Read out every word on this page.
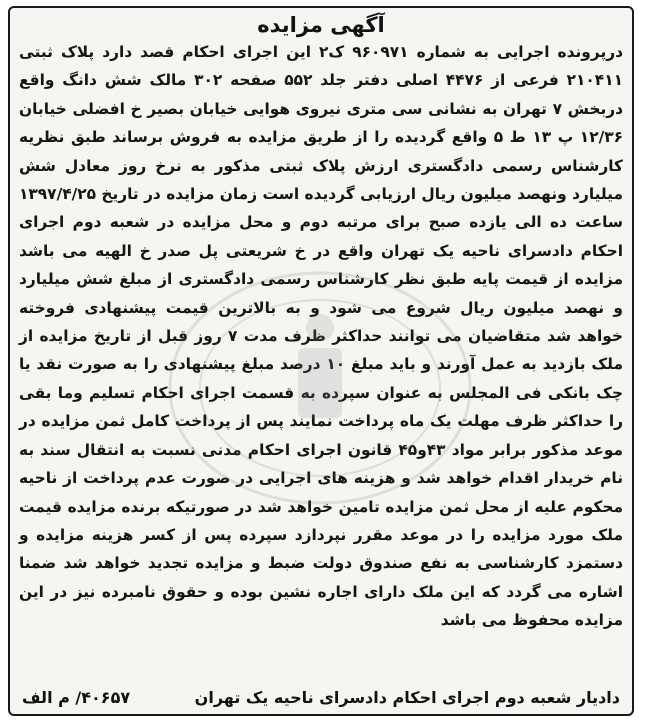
آگهی مزایده

درپرونده اجرایی به شماره ۹۶۰۹۷۱ ک۲ این اجرای احکام قصد دارد پلاک ثبتی ۲۱۰۴۱۱ فرعی از ۴۴۷۶ اصلی دفتر جلد ۵۵۲ صفحه ۳۰۲ مالک شش دانگ واقع دربخش ۷ تهران به نشانی سی متری نیروی هوایی خیابان بصیر خ افضلی خیابان ۱۲/۳۶ پ ۱۳ ط ۵ واقع گردیده را از طریق مزایده به فروش برساند طبق نظریه کارشناس رسمی دادگستری ارزش پلاک ثبتی مذکور به نرخ روز معادل شش میلیارد ونهصد میلیون ریال ارزیابی گردیده است زمان مزایده در تاریخ ۱۳۹۷/۴/۲۵ ساعت ده الی یازده صبح برای مرتبه دوم و محل مزایده در شعبه دوم اجرای احکام دادسرای ناحیه یک تهران واقع در خ شریعتی پل صدر خ الهیه می باشد مزایده از قیمت پایه طبق نظر کارشناس رسمی دادگستری از مبلغ شش میلیارد و نهصد میلیون ریال شروع می شود و به بالاترین قیمت پیشنهادی فروخته خواهد شد متقاضیان می توانند حداکثر ظرف مدت ۷ روز قبل از تاریخ مزایده از ملک بازدید به عمل آورند و باید مبلغ ۱۰ درصد مبلغ پیشنهادی را به صورت نقد یا چک بانکی فی المجلس به عنوان سپرده به قسمت اجرای احکام تسلیم وما بقی را حداکثر ظرف مهلت یک ماه پرداخت نمایند پس از پرداخت کامل ثمن مزایده در موعد مذکور برابر مواد ۴۳و۴۵ قانون اجرای احکام مدنی نسبت به انتقال سند به نام خریدار اقدام خواهد شد و هزینه های اجرایی در صورت عدم پرداخت از ناحیه محکوم علیه از محل ثمن مزایده تامین خواهد شد در صورتیکه برنده مزایده قیمت ملک مورد مزایده را در موعد مقرر نپردازد سپرده پس از کسر هزینه مزایده و دستمزد کارشناسی به نفع صندوق دولت ضبط و مزایده تجدید خواهد شد ضمنا اشاره می گردد که این ملک دارای اجاره نشین بوده و حقوق نامبرده نیز در این مزایده محفوظ می باشد

دادیار شعبه دوم اجرای احکام دادسرای ناحیه یک تهران
۴۰۶۵۷/ م الف
